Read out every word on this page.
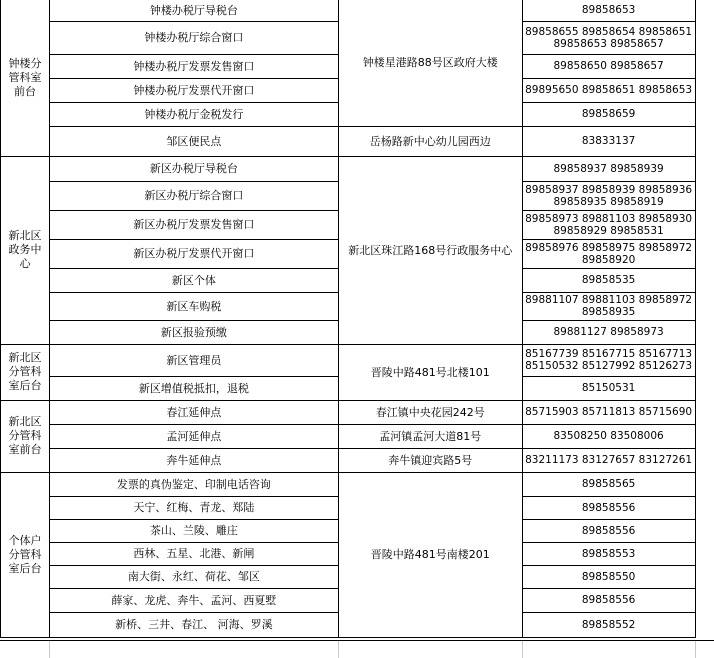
钟楼分管科室前台	钟楼办税厅导税台	钟楼星港路88号区政府大楼	89858653	
	钟楼办税厅综合窗口		89858655 89858654 89858651 89858653 89858657	
	钟楼办税厅发票发售窗口		89858650 89858657	
	钟楼办税厅发票代开窗口		89895650 89858651 89858653	
	钟楼办税厅金税发行		89858659	
	邹区便民点	岳杨路新中心幼儿园西边	83833137	
新北区政务中心	新区办税厅导税台	新北区珠江路168号行政服务中心	89858937 89858939	
	新区办税厅综合窗口		89858937 89858939 89858936 89858935 89858919	
	新区办税厅发票发售窗口		89858973 89881103 89858930 89858929 89858531	
	新区办税厅发票代开窗口		89858976 89858975 89858972 89858920	
	新区个体		89858535	
	新区车购税		89881107 89881103 89858972 89858935	
	新区报验预缴		89881127 89858973	
新北区分管科室后台	新区管理员	晋陵中路481号北楼101	85167739 85167715 85167713 85150532 85127992 85126273	
	新区增值税抵扣，退税		85150531	
新北区分管科室前台	春江延伸点	春江镇中央花园242号	85715903 85711813 85715690	
	孟河延伸点	孟河镇孟河大道81号	83508250 83508006	
	奔牛延伸点	奔牛镇迎宾路5号	83211173 83127657 83127261	
个体户分管科室后台	发票的真伪鉴定、印制电话咨询	晋陵中路481号南楼201	89858565	
	天宁、红梅、青龙、郑陆		89858556	
	茶山、兰陵、雕庄		89858556	
	西林、五星、北港、新闸		89858553	
	南大街、永红、荷花、邹区		89858550	
	薛家、龙虎、奔牛、孟河、西夏墅		89858556	
	新桥、三井、春江、 河海、罗溪		89858552	
